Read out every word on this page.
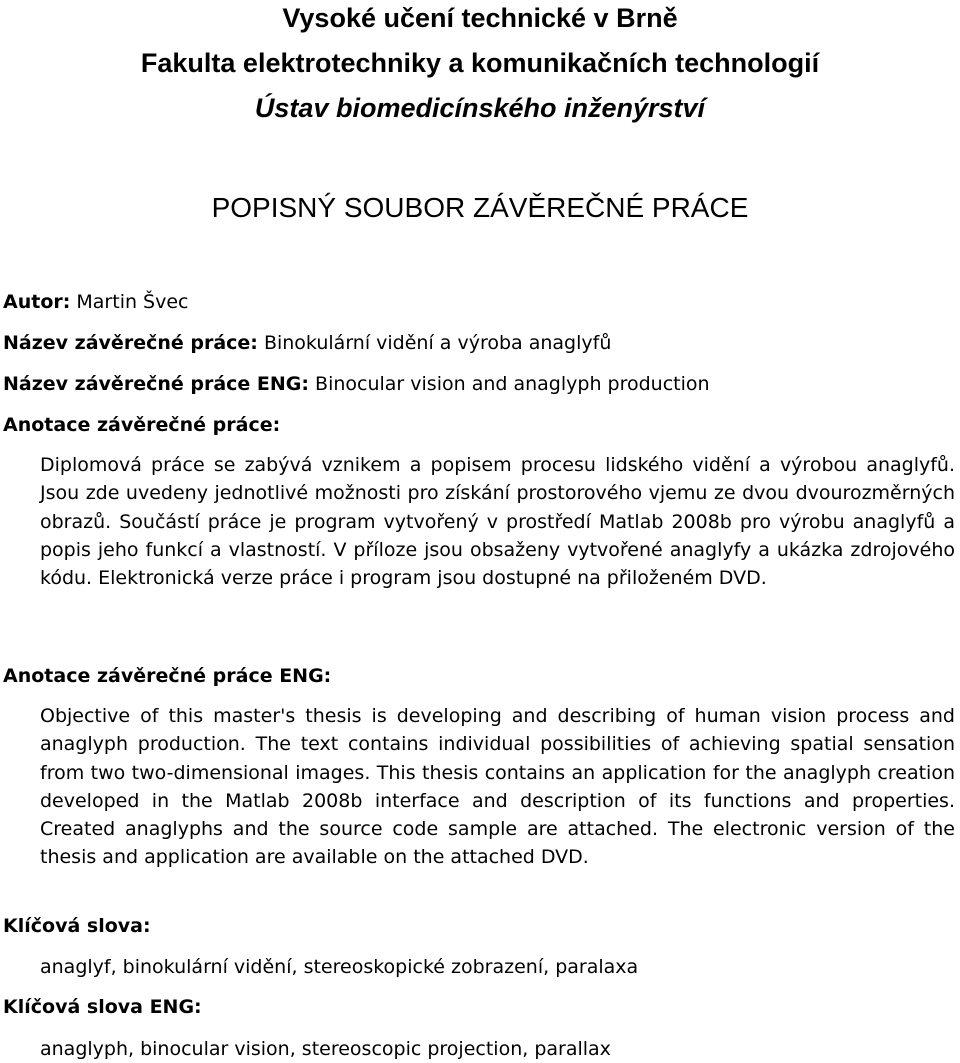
Vysoké učení technické v Brně
Fakulta elektrotechniky a komunikačních technologií
Ústav biomedicínského inženýrství
POPISNÝ SOUBOR ZÁVĚREČNÉ PRÁCE
Autor: Martin Švec
Název závěrečné práce: Binokulární vidění a výroba anaglyfů
Název závěrečné práce ENG: Binocular vision and anaglyph production
Anotace závěrečné práce:

Diplomová práce se zabývá vznikem a popisem procesu lidského vidění a výrobou anaglyfů. Jsou zde uvedeny jednotlivé možnosti pro získání prostorového vjemu ze dvou dvourozměrných obrazů. Součástí práce je program vytvořený v prostředí Matlab 2008b pro výrobu anaglyfů a popis jeho funkcí a vlastností. V příloze jsou obsaženy vytvořené anaglyfy a ukázka zdrojového kódu. Elektronická verze práce i program jsou dostupné na přiloženém DVD.

Anotace závěrečné práce ENG:

Objective of this master's thesis is developing and describing of human vision process and anaglyph production. The text contains individual possibilities of achieving spatial sensation from two two-dimensional images. This thesis contains an application for the anaglyph creation developed in the Matlab 2008b interface and description of its functions and properties. Created anaglyphs and the source code sample are attached. The electronic version of the thesis and application are available on the attached DVD.

Klíčová slova:
anaglyf, binokulární vidění, stereoskopické zobrazení, paralaxa
Klíčová slova ENG:
anaglyph, binocular vision, stereoscopic projection, parallax
